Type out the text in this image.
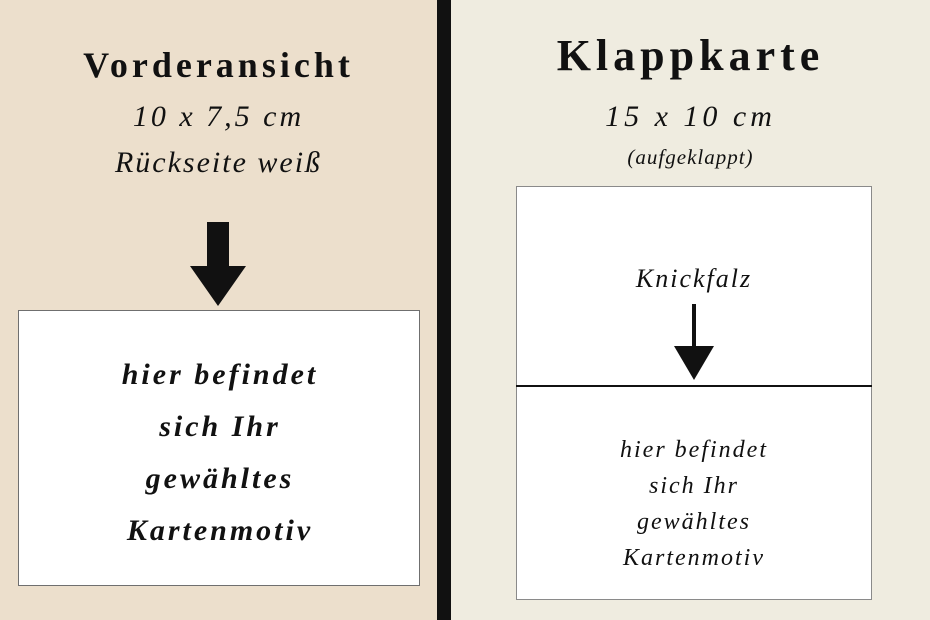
Vorderansicht
10 x 7,5 cm
Rückseite weiß
hier befindet
sich Ihr
gewähltes
Kartenmotiv
Klappkarte
15 x 10 cm
(aufgeklappt)
Knickfalz
hier befindet
sich Ihr
gewähltes
Kartenmotiv
